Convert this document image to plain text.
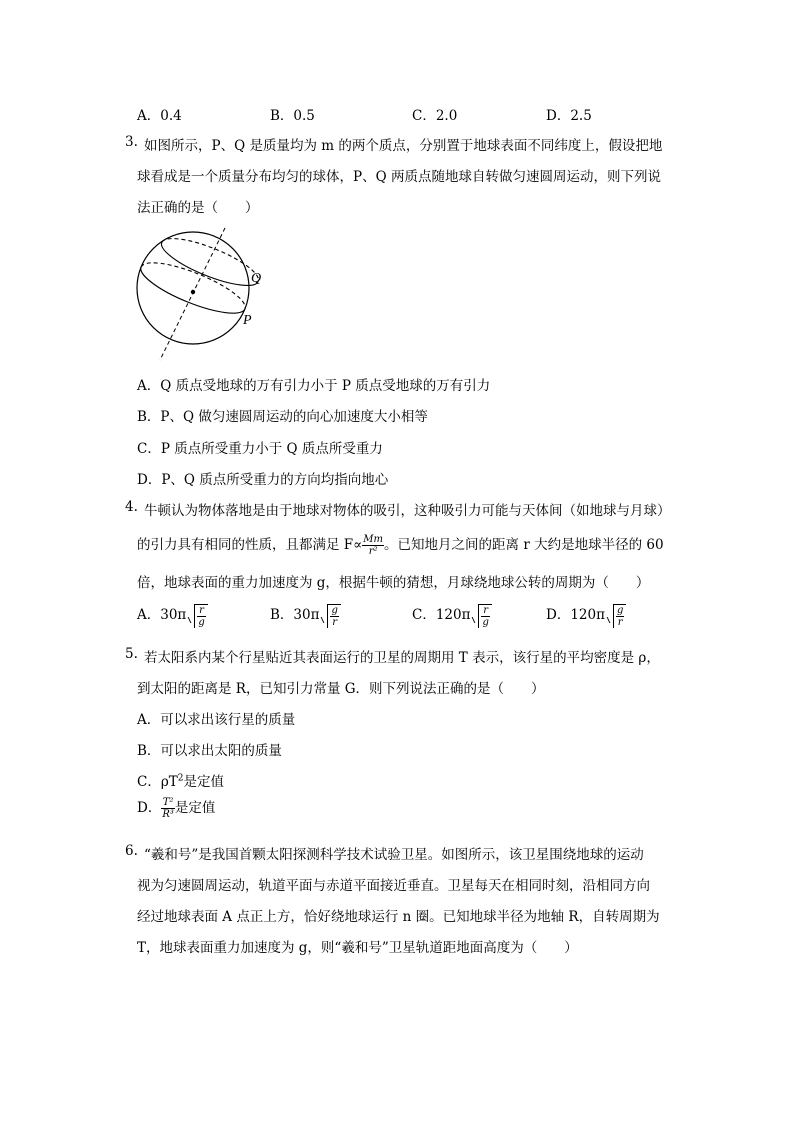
A．0.4	B．0.5	C．2.0	D．2.5
3. 如图所示，P、Q 是质量均为 m 的两个质点，分别置于地球表面不同纬度上，假设把地
球看成是一个质量分布均匀的球体，P、Q 两质点随地球自转做匀速圆周运动，则下列说
法正确的是（　　）
Q
P
A．Q 质点受地球的万有引力小于 P 质点受地球的万有引力
B．P、Q 做匀速圆周运动的向心加速度大小相等
C．P 质点所受重力小于 Q 质点所受重力
D．P、Q 质点所受重力的方向均指向地心
4. 牛顿认为物体落地是由于地球对物体的吸引，这种吸引力可能与天体间（如地球与月球）
的引力具有相同的性质，且都满足 $F\propto \frac{Mm}{\text{r²}}$ 。已知地月之间的距离 r 大约是地球半径的 60
倍，地球表面的重力加速度为 g，根据牛顿的猜想，月球绕地球公转的周期为（　　）
A．$30\pi \frac{r}{g}$	B．$30\pi \frac{g}{r}$	C．$120\pi \frac{r}{g}$	D．$120\pi \frac{g}{r}$
5. 若太阳系内某个行星贴近其表面运行的卫星的周期用 T 表示，该行星的平均密度是 ρ，
到太阳的距离是 R，已知引力常量 G．则下列说法正确的是（　　）
A．可以求出该行星的质量
B．可以求出太阳的质量
C．$\rho T^2$是定值
D． $\frac{\text{T²}}{\text{R³}}$ 是定值
6. “羲和号”是我国首颗太阳探测科学技术试验卫星。如图所示，该卫星围绕地球的运动
视为匀速圆周运动，轨道平面与赤道平面接近垂直。卫星每天在相同时刻，沿相同方向
经过地球表面 A 点正上方，恰好绕地球运行 n 圈。已知地球半径为地轴 R，自转周期为
T，地球表面重力加速度为 g，则“羲和号”卫星轨道距地面高度为（　　）
